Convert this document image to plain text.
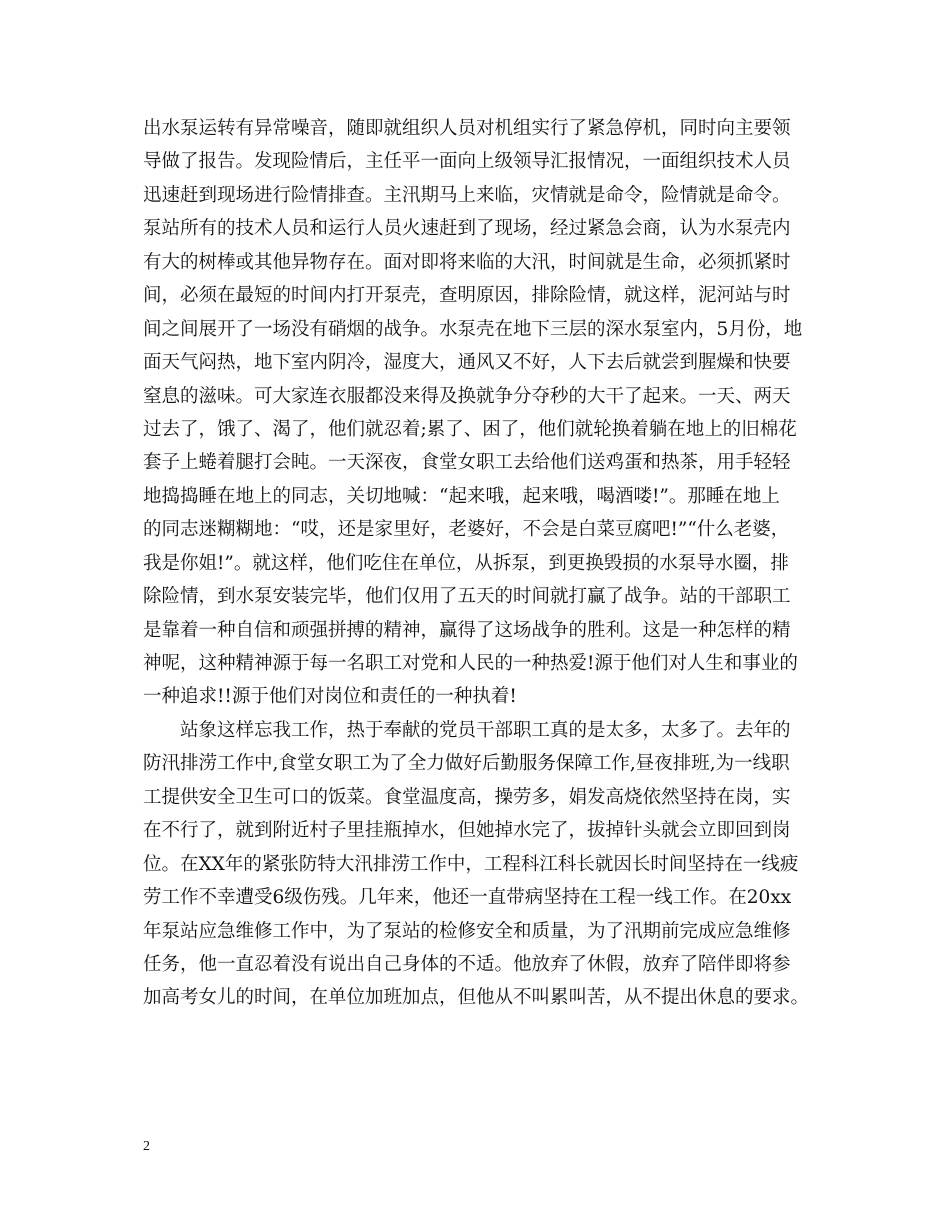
出水泵运转有异常噪音，随即就组织人员对机组实行了紧急停机，同时向主要领
导做了报告。发现险情后，主任平一面向上级领导汇报情况，一面组织技术人员
迅速赶到现场进行险情排查。主汛期马上来临，灾情就是命令，险情就是命令。
泵站所有的技术人员和运行人员火速赶到了现场，经过紧急会商，认为水泵壳内
有大的树棒或其他异物存在。面对即将来临的大汛，时间就是生命，必须抓紧时
间，必须在最短的时间内打开泵壳，查明原因，排除险情，就这样，泥河站与时
间之间展开了一场没有硝烟的战争。水泵壳在地下三层的深水泵室内，5月份，地
面天气闷热，地下室内阴冷，湿度大，通风又不好，人下去后就尝到腥燥和快要
窒息的滋味。可大家连衣服都没来得及换就争分夺秒的大干了起来。一天、两天
过去了，饿了、渴了，他们就忍着;累了、困了，他们就轮换着躺在地上的旧棉花
套子上蜷着腿打会盹。一天深夜，食堂女职工去给他们送鸡蛋和热茶，用手轻轻
地捣捣睡在地上的同志，关切地喊：“起来哦，起来哦，喝酒喽!”。那睡在地上
的同志迷糊糊地：“哎，还是家里好，老婆好，不会是白菜豆腐吧!”“什么老婆，
我是你姐!”。就这样，他们吃住在单位，从拆泵，到更换毁损的水泵导水圈，排
除险情，到水泵安装完毕，他们仅用了五天的时间就打赢了战争。站的干部职工
是靠着一种自信和顽强拼搏的精神，赢得了这场战争的胜利。这是一种怎样的精
神呢，这种精神源于每一名职工对党和人民的一种热爱!源于他们对人生和事业的
一种追求!!源于他们对岗位和责任的一种执着!
　　站象这样忘我工作，热于奉献的党员干部职工真的是太多，太多了。去年的
防汛排涝工作中,食堂女职工为了全力做好后勤服务保障工作,昼夜排班,为一线职
工提供安全卫生可口的饭菜。食堂温度高，操劳多，娟发高烧依然坚持在岗，实
在不行了，就到附近村子里挂瓶掉水，但她掉水完了，拔掉针头就会立即回到岗
位。在XX年的紧张防特大汛排涝工作中，工程科江科长就因长时间坚持在一线疲
劳工作不幸遭受6级伤残。几年来，他还一直带病坚持在工程一线工作。在20xx
年泵站应急维修工作中，为了泵站的检修安全和质量，为了汛期前完成应急维修
任务，他一直忍着没有说出自己身体的不适。他放弃了休假，放弃了陪伴即将参
加高考女儿的时间，在单位加班加点，但他从不叫累叫苦，从不提出休息的要求。
2
